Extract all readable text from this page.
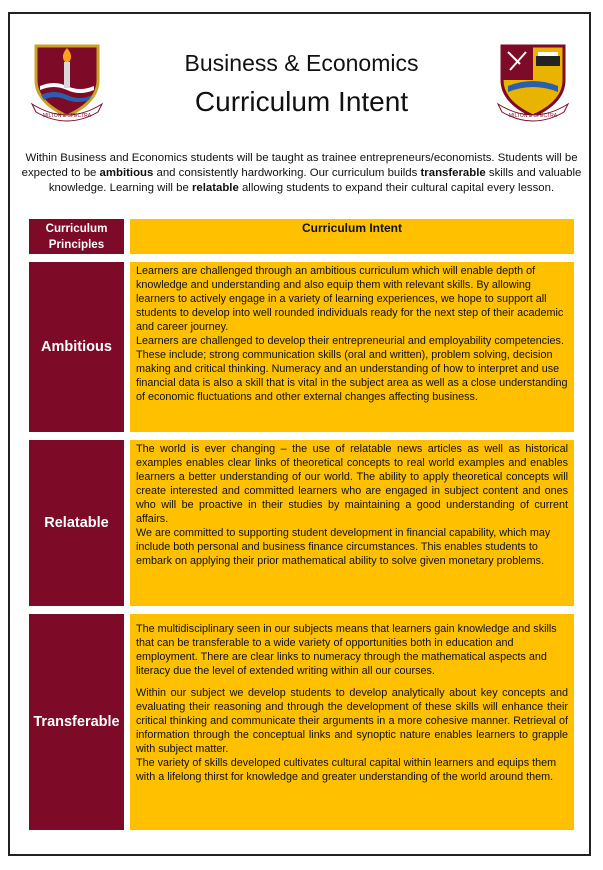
MILTON & SPECTRA	MILTON & SPECTRA
Business & Economics
Curriculum Intent
Within Business and Economics students will be taught as trainee entrepreneurs/economists. Students will be expected to be ambitious and consistently hardworking. Our curriculum builds transferable skills and valuable knowledge. Learning will be relatable allowing students to expand their cultural capital every lesson.
Curriculum Principles
Curriculum Intent
Ambitious

Learners are challenged through an ambitious curriculum which will enable depth of knowledge and understanding and also equip them with relevant skills. By allowing learners to actively engage in a variety of learning experiences, we hope to support all students to develop into well rounded individuals ready for the next step of their academic and career journey.

Learners are challenged to develop their entrepreneurial and employability competencies. These include; strong communication skills (oral and written), problem solving, decision making and critical thinking. Numeracy and an understanding of how to interpret and use financial data is also a skill that is vital in the subject area as well as a close understanding of economic fluctuations and other external changes affecting business.

Relatable

The world is ever changing – the use of relatable news articles as well as historical examples enables clear links of theoretical concepts to real world examples and enables learners a better understanding of our world. The ability to apply theoretical concepts will create interested and committed learners who are engaged in subject content and ones who will be proactive in their studies by maintaining a good understanding of current affairs.

We are committed to supporting student development in financial capability, which may include both personal and business finance circumstances. This enables students to embark on applying their prior mathematical ability to solve given monetary problems.

Transferable

The multidisciplinary seen in our subjects means that learners gain knowledge and skills that can be transferable to a wide variety of opportunities both in education and employment. There are clear links to numeracy through the mathematical aspects and literacy due the level of extended writing within all our courses.

Within our subject we develop students to develop analytically about key concepts and evaluating their reasoning and through the development of these skills will enhance their critical thinking and communicate their arguments in a more cohesive manner. Retrieval of information through the conceptual links and synoptic nature enables learners to grapple with subject matter.

The variety of skills developed cultivates cultural capital within learners and equips them with a lifelong thirst for knowledge and greater understanding of the world around them.
